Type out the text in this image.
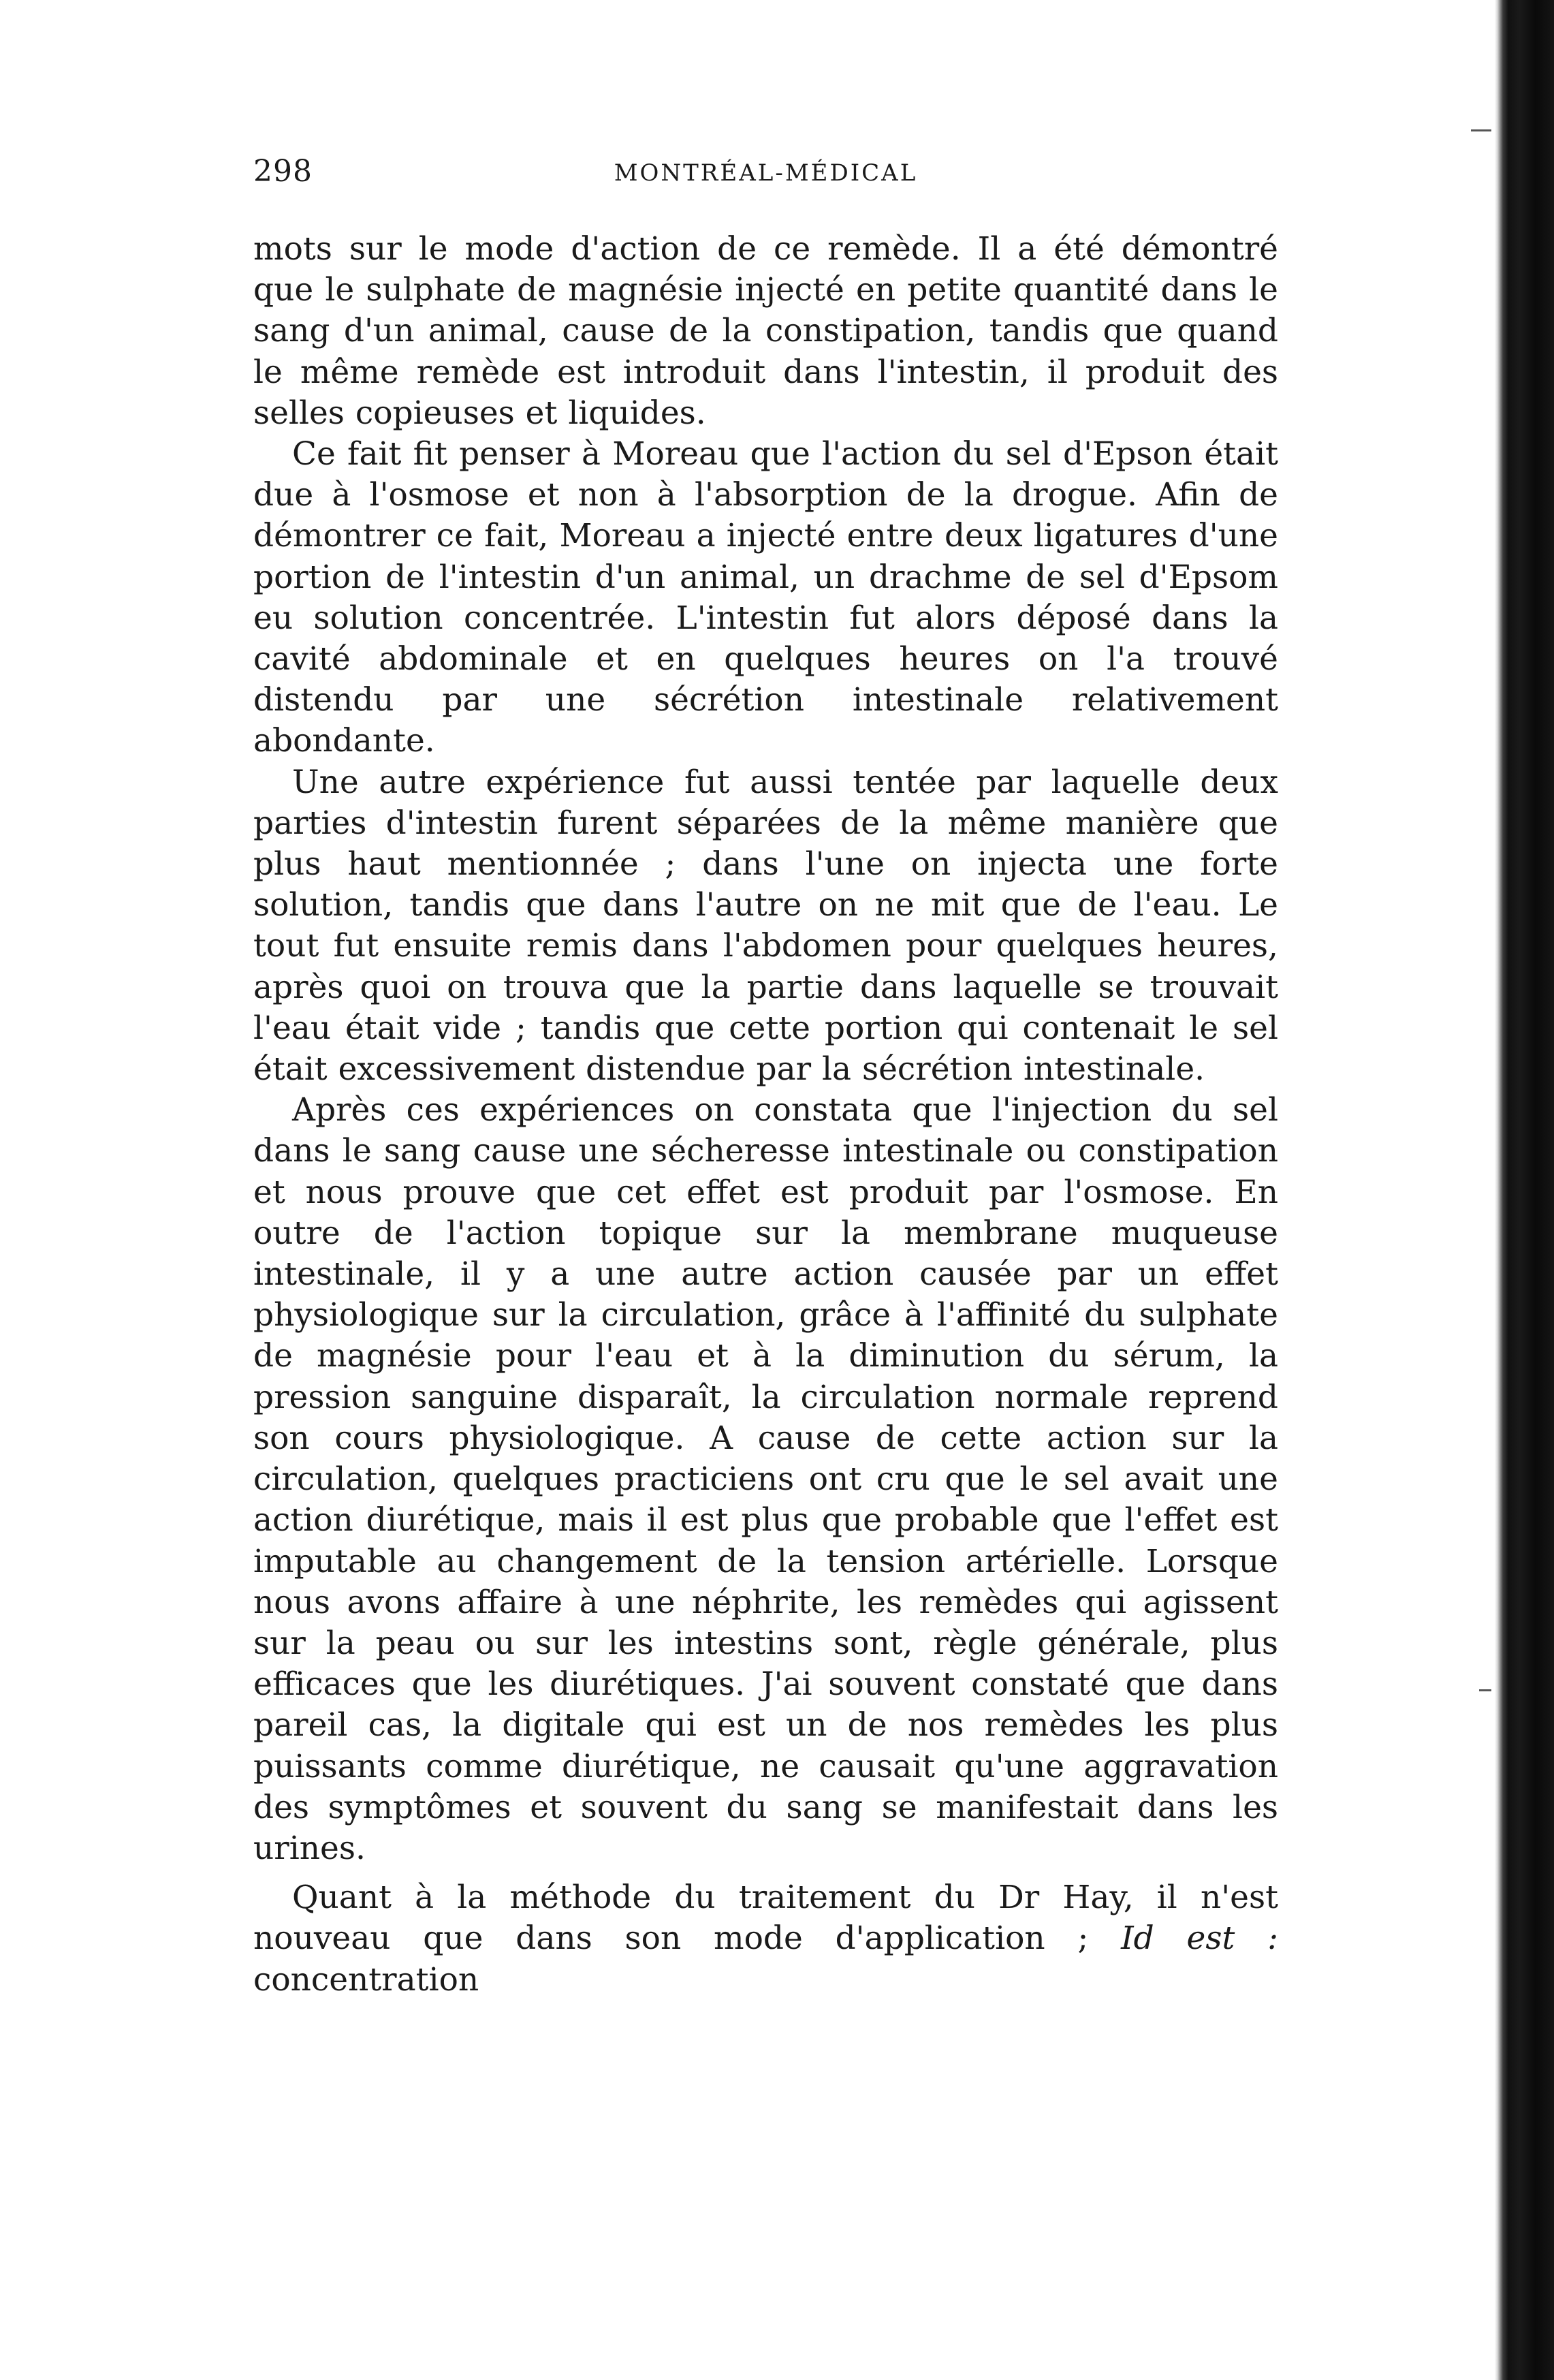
298	MONTRÉAL-MÉDICAL

mots sur le mode d'action de ce remède. Il a été démontré que le sulphate de magnésie injecté en petite quantité dans le sang d'un animal, cause de la constipation, tandis que quand le même remède est introduit dans l'intestin, il produit des selles copieuses et liquides.

Ce fait fit penser à Moreau que l'action du sel d'Epson était due à l'osmose et non à l'absorption de la drogue. Afin de démontrer ce fait, Moreau a injecté entre deux ligatures d'une portion de l'intestin d'un animal, un drachme de sel d'Epsom eu solution concentrée. L'intestin fut alors déposé dans la cavité abdominale et en quelques heures on l'a trouvé distendu par une sécrétion intestinale relativement abondante.

Une autre expérience fut aussi tentée par laquelle deux parties d'intestin furent séparées de la même manière que plus haut mentionnée ; dans l'une on injecta une forte solution, tandis que dans l'autre on ne mit que de l'eau. Le tout fut ensuite remis dans l'abdomen pour quelques heures, après quoi on trouva que la partie dans laquelle se trouvait l'eau était vide ; tandis que cette portion qui contenait le sel était excessivement distendue par la sécrétion intestinale.

Après ces expériences on constata que l'injection du sel dans le sang cause une sécheresse intestinale ou constipation et nous prouve que cet effet est produit par l'osmose. En outre de l'action topique sur la membrane muqueuse intestinale, il y a une autre action causée par un effet physiologique sur la circulation, grâce à l'affinité du sulphate de magnésie pour l'eau et à la diminution du sérum, la pression sanguine disparaît, la circulation normale reprend son cours physiologique. A cause de cette action sur la circulation, quelques practiciens ont cru que le sel avait une action diurétique, mais il est plus que probable que l'effet est imputable au changement de la tension artérielle. Lorsque nous avons affaire à une néphrite, les remèdes qui agissent sur la peau ou sur les intestins sont, règle générale, plus efficaces que les diurétiques. J'ai souvent constaté que dans pareil cas, la digitale qui est un de nos remèdes les plus puissants comme diurétique, ne causait qu'une aggravation des symptômes et souvent du sang se manifestait dans les urines.

Quant à la méthode du traitement du Dr Hay, il n'est nouveau que dans son mode d'application ; Id est : concentration
